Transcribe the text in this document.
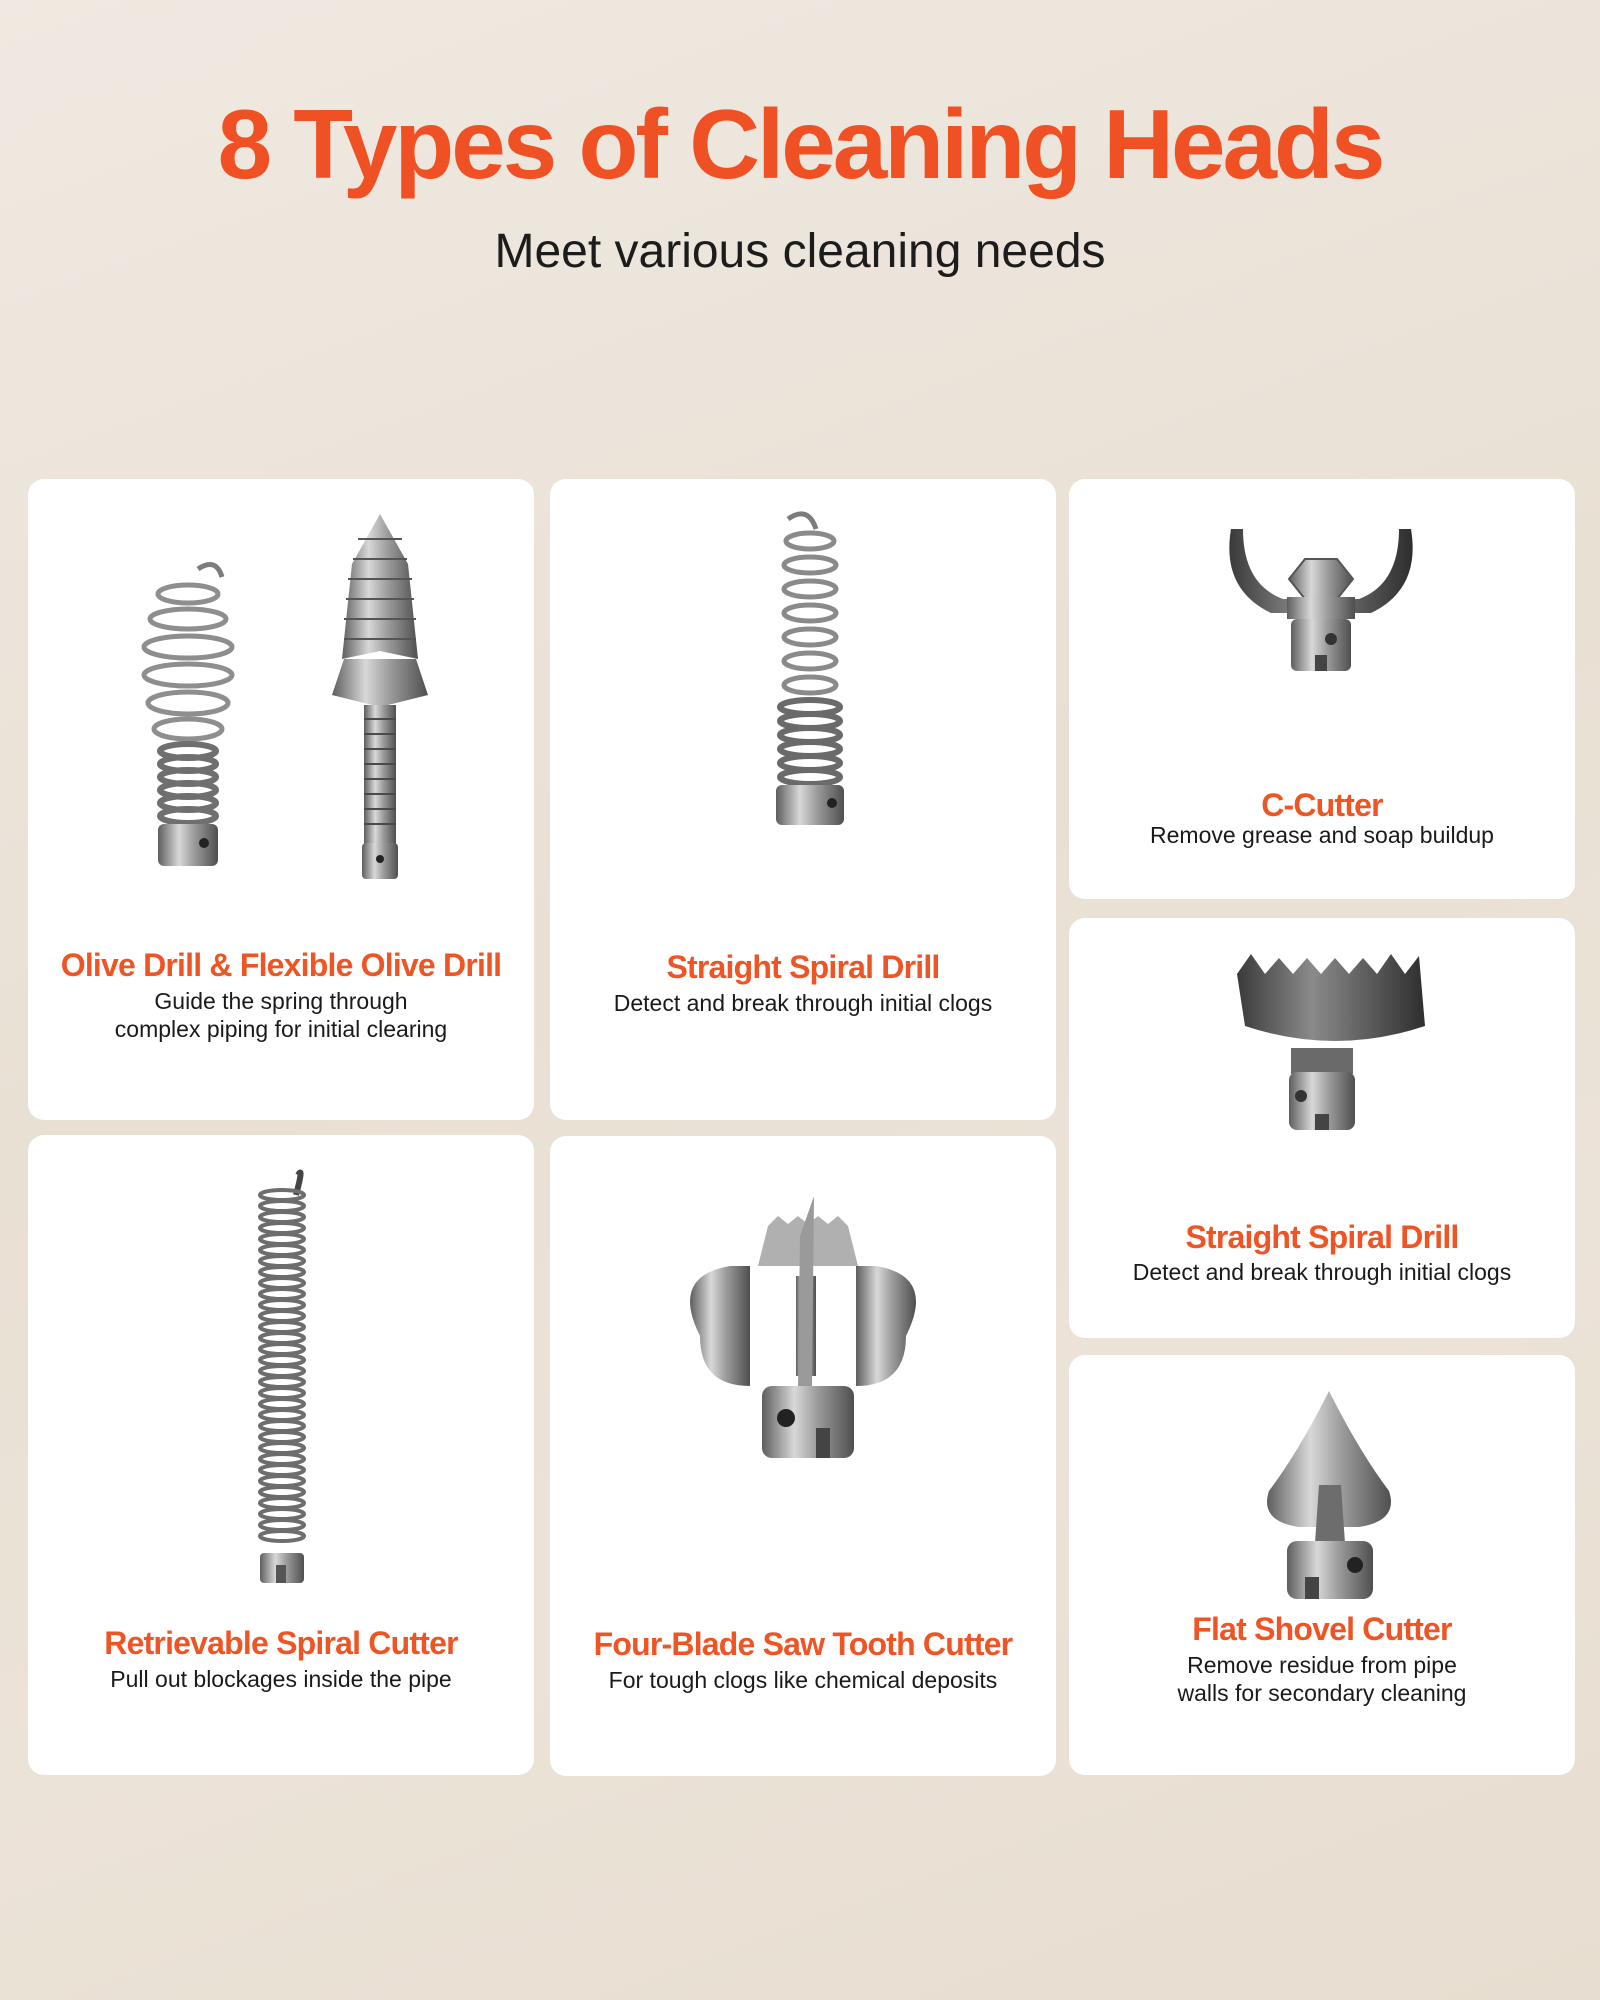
8 Types of Cleaning Heads
Meet various cleaning needs
Olive Drill & Flexible Olive Drill
Guide the spring through
complex piping for initial clearing
Straight Spiral Drill
Detect and break through initial clogs
C-Cutter
Remove grease and soap buildup
Straight Spiral Drill
Detect and break through initial clogs
Retrievable Spiral Cutter
Pull out blockages inside the pipe
Four-Blade Saw Tooth Cutter
For tough clogs like chemical deposits
Flat Shovel Cutter
Remove residue from pipe
walls for secondary cleaning
